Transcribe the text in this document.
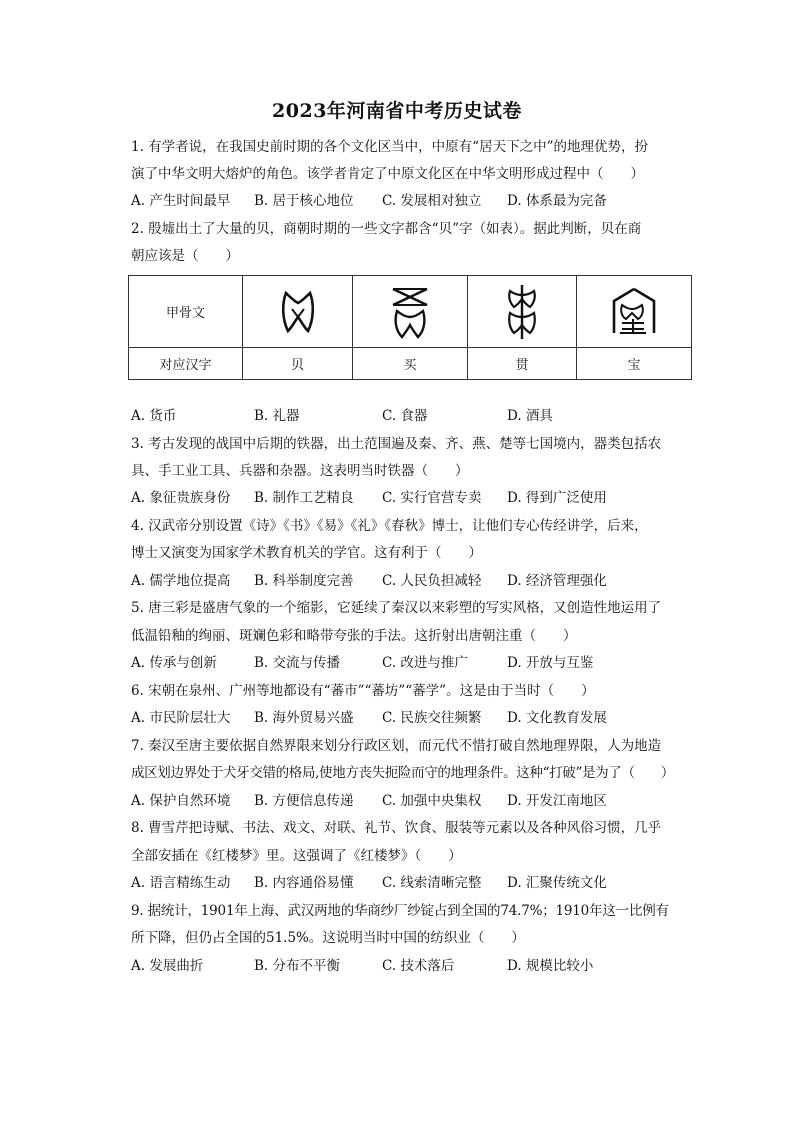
2023年河南省中考历史试卷
1. 有学者说，在我国史前时期的各个文化区当中，中原有“居天下之中”的地理优势，扮
演了中华文明大熔炉的角色。该学者肯定了中原文化区在中华文明形成过程中（　　）
A. 产生时间最早 B. 居于核心地位 C. 发展相对独立 D. 体系最为完备
2. 殷墟出土了大量的贝，商朝时期的一些文字都含“贝”字（如表）。据此判断，贝在商
朝应该是（　　）
甲骨文	

对应汉字	贝	买	贯	宝
A. 货币	B. 礼器	C. 食器	D. 酒具
3. 考古发现的战国中后期的铁器，出土范围遍及秦、齐、燕、楚等七国境内，器类包括农
具、手工业工具、兵器和杂器。这表明当时铁器（　　）
A. 象征贵族身份 B. 制作工艺精良 C. 实行官营专卖 D. 得到广泛使用
4. 汉武帝分别设置《诗》《书》《易》《礼》《春秋》博士，让他们专心传经讲学，后来，
博士又演变为国家学术教育机关的学官。这有利于（　　）
A. 儒学地位提高 B. 科举制度完善 C. 人民负担减轻 D. 经济管理强化
5. 唐三彩是盛唐气象的一个缩影，它延续了秦汉以来彩塑的写实风格，又创造性地运用了
低温铅釉的绚丽、斑斓色彩和略带夸张的手法。这折射出唐朝注重（　　）
A. 传承与创新	B. 交流与传播	C. 改进与推广	D. 开放与互鉴
6. 宋朝在泉州、广州等地都设有“蕃市”“蕃坊”“蕃学”。这是由于当时（　　）
A. 市民阶层壮大 B. 海外贸易兴盛 C. 民族交往频繁 D. 文化教育发展
7. 秦汉至唐主要依据自然界限来划分行政区划，而元代不惜打破自然地理界限，人为地造
成区划边界处于犬牙交错的格局,使地方丧失扼险而守的地理条件。这种“打破”是为了（　　）
A. 保护自然环境 B. 方便信息传递 C. 加强中央集权 D. 开发江南地区
8. 曹雪芹把诗赋、书法、戏文、对联、礼节、饮食、服装等元素以及各种风俗习惯，几乎
全部安插在《红楼梦》里。这强调了《红楼梦》（　　）
A. 语言精练生动 B. 内容通俗易懂 C. 线索清晰完整 D. 汇聚传统文化
9. 据统计，1901年上海、武汉两地的华商纱厂纱锭占到全国的74.7%；1910年这一比例有
所下降，但仍占全国的51.5%。这说明当时中国的纺织业（　　）
A. 发展曲折	B. 分布不平衡	C. 技术落后	D. 规模比较小
